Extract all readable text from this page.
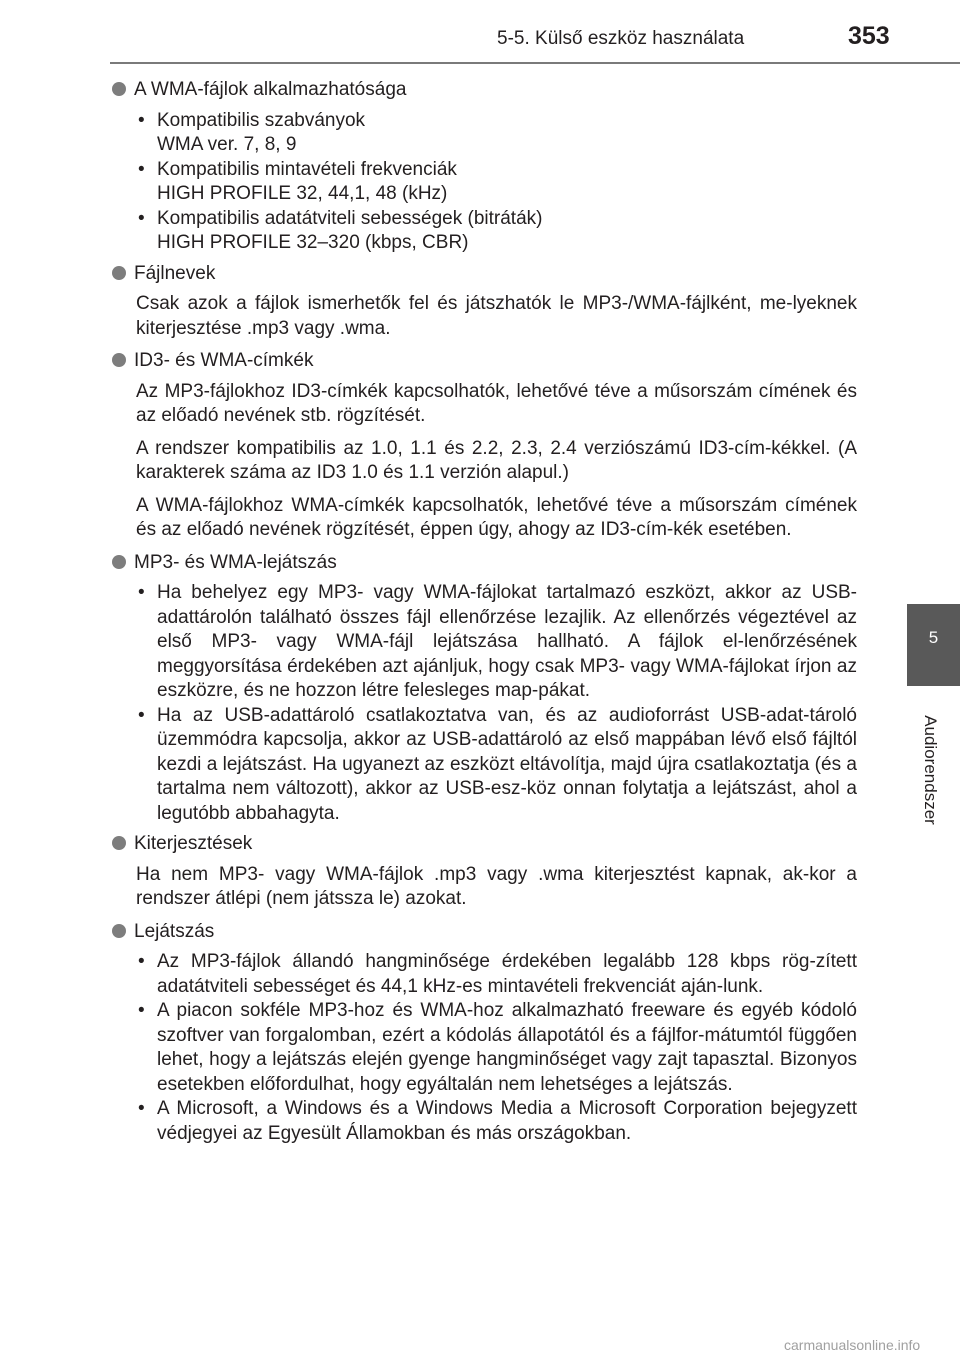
5-5. Külső eszköz használata	353
5
Audiorendszer
A WMA-fájlok alkalmazhatósága
• Kompatibilis szabványok
WMA ver. 7, 8, 9
• Kompatibilis mintavételi frekvenciák
HIGH PROFILE 32, 44,1, 48 (kHz)
• Kompatibilis adatátviteli sebességek (bitráták)
HIGH PROFILE 32–320 (kbps, CBR)
Fájlnevek

Csak azok a fájlok ismerhetők fel és játszhatók le MP3-/WMA-fájlként, me-lyeknek kiterjesztése .mp3 vagy .wma.

ID3- és WMA-címkék

Az MP3-fájlokhoz ID3-címkék kapcsolhatók, lehetővé téve a műsorszám címének és az előadó nevének stb. rögzítését.

A rendszer kompatibilis az 1.0, 1.1 és 2.2, 2.3, 2.4 verziószámú ID3-cím-kékkel. (A karakterek száma az ID3 1.0 és 1.1 verzión alapul.)

A WMA-fájlokhoz WMA-címkék kapcsolhatók, lehetővé téve a műsorszám címének és az előadó nevének rögzítését, éppen úgy, ahogy az ID3-cím-kék esetében.

MP3- és WMA-lejátszás
• Ha behelyez egy MP3- vagy WMA-fájlokat tartalmazó eszközt, akkor az USB-adattárolón található összes fájl ellenőrzése lezajlik. Az ellenőrzés végeztével az első MP3- vagy WMA-fájl lejátszása hallható. A fájlok el-lenőrzésének meggyorsítása érdekében azt ajánljuk, hogy csak MP3- vagy WMA-fájlokat írjon az eszközre, és ne hozzon létre felesleges map-pákat.
• Ha az USB-adattároló csatlakoztatva van, és az audioforrást USB-adat-tároló üzemmódra kapcsolja, akkor az USB-adattároló az első mappában lévő első fájltól kezdi a lejátszást. Ha ugyanezt az eszközt eltávolítja, majd újra csatlakoztatja (és a tartalma nem változott), akkor az USB-esz-köz onnan folytatja a lejátszást, ahol a legutóbb abbahagyta.
Kiterjesztések

Ha nem MP3- vagy WMA-fájlok .mp3 vagy .wma kiterjesztést kapnak, ak-kor a rendszer átlépi (nem játssza le) azokat.

Lejátszás
• Az MP3-fájlok állandó hangminősége érdekében legalább 128 kbps rög-zített adatátviteli sebességet és 44,1 kHz-es mintavételi frekvenciát aján-lunk.
• A piacon sokféle MP3-hoz és WMA-hoz alkalmazható freeware és egyéb kódoló szoftver van forgalomban, ezért a kódolás állapotától és a fájlfor-mátumtól függően lehet, hogy a lejátszás elején gyenge hangminőséget vagy zajt tapasztal. Bizonyos esetekben előfordulhat, hogy egyáltalán nem lehetséges a lejátszás.
• A Microsoft, a Windows és a Windows Media a Microsoft Corporation bejegyzett védjegyei az Egyesült Államokban és más országokban.
carmanualsonline.info
